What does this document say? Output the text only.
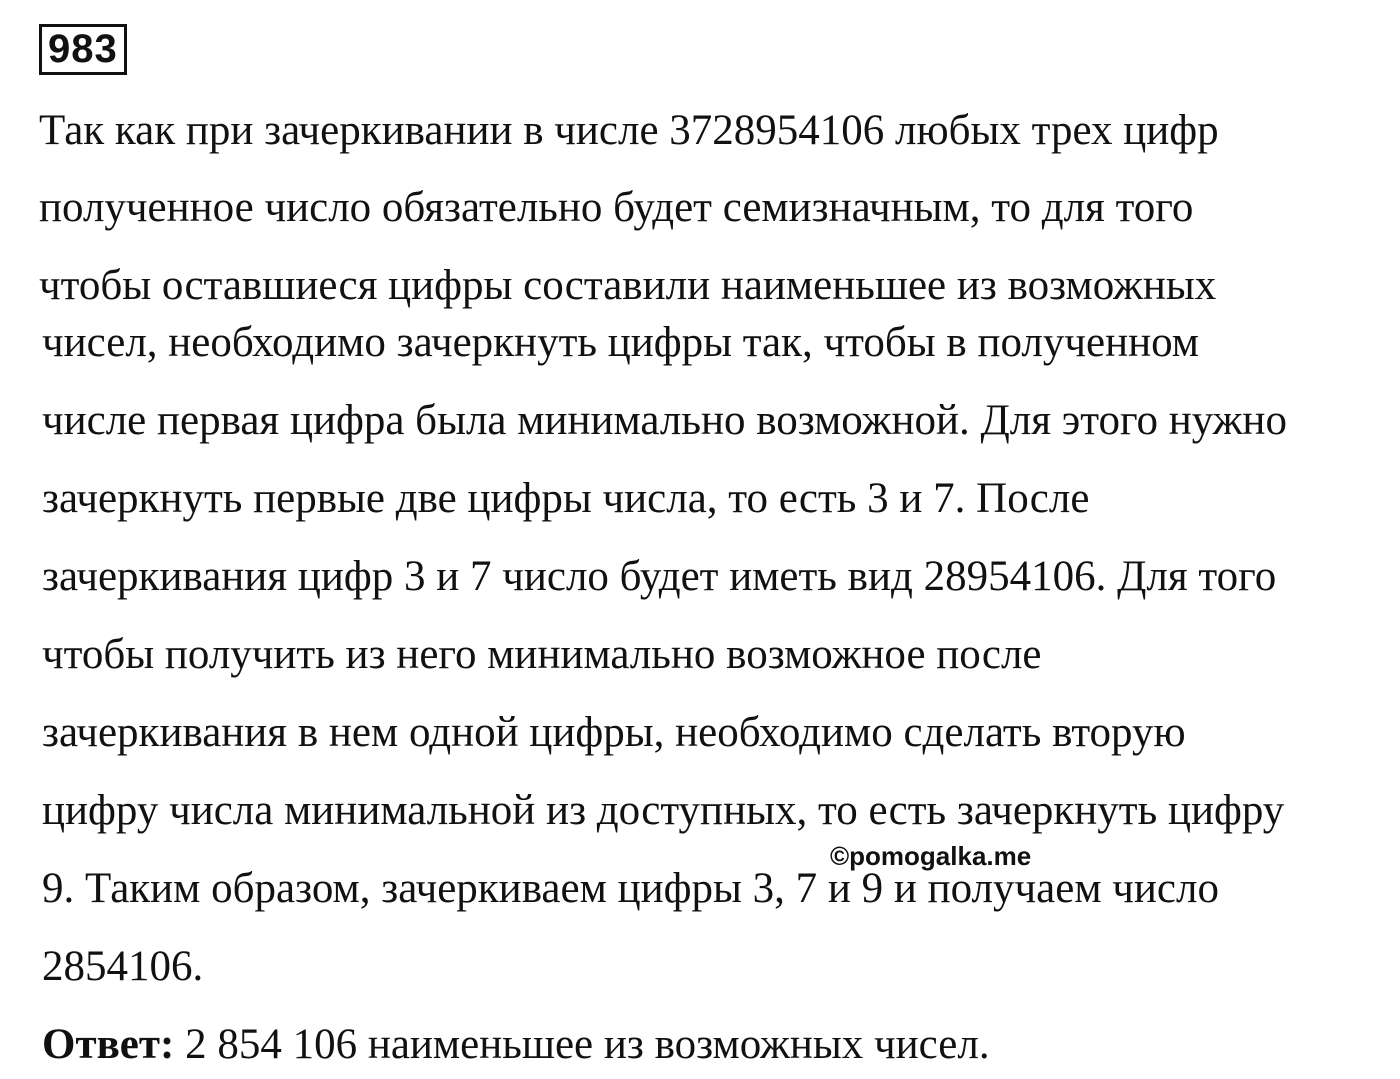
983
Так как при зачеркивании в числе 3728954106 любых трех цифр
полученное число обязательно будет семизначным, то для того
чтобы оставшиеся цифры составили наименьшее из возможных
чисел, необходимо зачеркнуть цифры так, чтобы в полученном
числе первая цифра была минимально возможной. Для этого нужно
зачеркнуть первые две цифры числа, то есть 3 и 7. После
зачеркивания цифр 3 и 7 число будет иметь вид 28954106. Для того
чтобы получить из него минимально возможное после
зачеркивания в нем одной цифры, необходимо сделать вторую
цифру числа минимальной из доступных, то есть зачеркнуть цифру
9. Таким образом, зачеркиваем цифры 3, 7 и 9 и получаем число
2854106.
Ответ: 2 854 106 наименьшее из возможных чисел.
©pomogalka.me
